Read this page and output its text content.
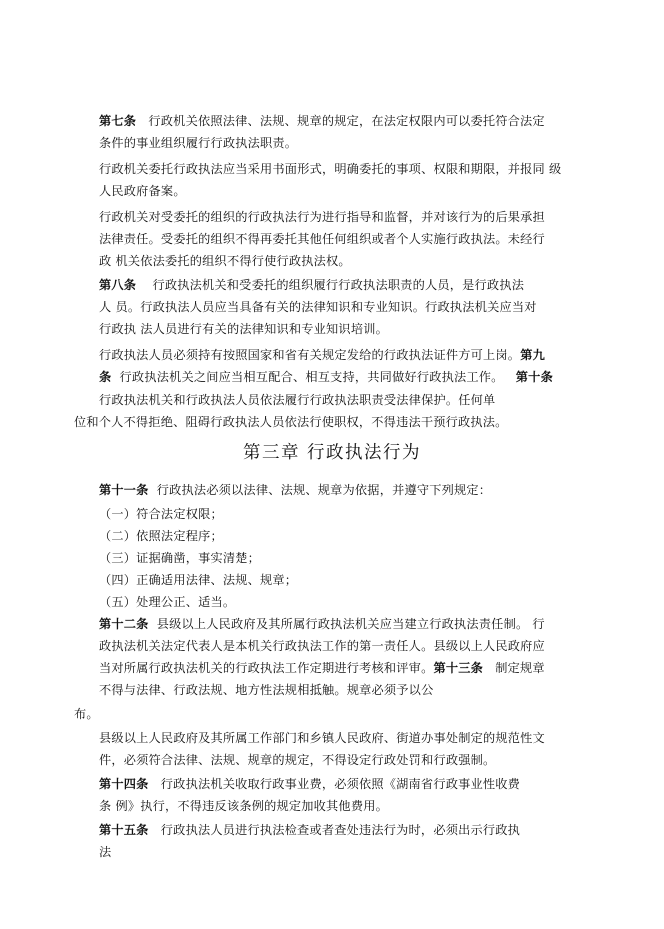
第七条 行政机关依照法律、法规、规章的规定，在法定权限内可以委托符合法定
条件的事业组织履行行政执法职责。
行政机关委托行政执法应当采用书面形式，明确委托的事项、权限和期限，并报同 级
人民政府备案。
行政机关对受委托的组织的行政执法行为进行指导和监督，并对该行为的后果承担
法律责任。受委托的组织不得再委托其他任何组织或者个人实施行政执法。未经行
政 机关依法委托的组织不得行使行政执法权。
第八条 行政执法机关和受委托的组织履行行政执法职责的人员，是行政执法
人 员。行政执法人员应当具备有关的法律知识和专业知识。行政执法机关应当对
行政执 法人员进行有关的法律知识和专业知识培训。
行政执法人员必须持有按照国家和省有关规定发给的行政执法证件方可上岗。第九
条 行政执法机关之间应当相互配合、相互支持，共同做好行政执法工作。 第十条
行政执法机关和行政执法人员依法履行行政执法职责受法律保护。任何单
位和个人不得拒绝、阻碍行政执法人员依法行使职权，不得违法干预行政执法。
第三章 行政执法行为
第十一条 行政执法必须以法律、法规、规章为依据，并遵守下列规定：
（一）符合法定权限；
（二）依照法定程序；
（三）证据确凿，事实清楚；
（四）正确适用法律、法规、规章；
（五）处理公正、适当。
第十二条 县级以上人民政府及其所属行政执法机关应当建立行政执法责任制。 行
政执法机关法定代表人是本机关行政执法工作的第一责任人。县级以上人民政府应
当对所属行政执法机关的行政执法工作定期进行考核和评审。第十三条 制定规章
不得与法律、行政法规、地方性法规相抵触。规章必须予以公
布。
县级以上人民政府及其所属工作部门和乡镇人民政府、街道办事处制定的规范性文
件，必须符合法律、法规、规章的规定，不得设定行政处罚和行政强制。
第十四条 行政执法机关收取行政事业费，必须依照《湖南省行政事业性收费
条 例》执行，不得违反该条例的规定加收其他费用。
第十五条 行政执法人员进行执法检查或者查处违法行为时，必须出示行政执
法
